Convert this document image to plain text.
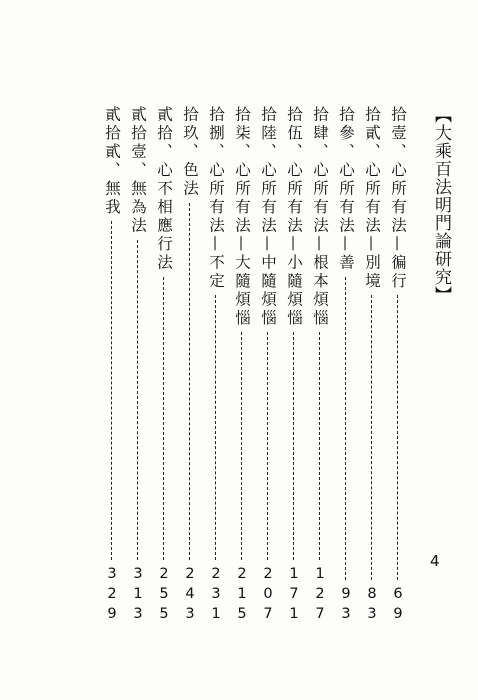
【大乘百法明門論研究】
拾壹、心所有法—徧行
69
拾貳、心所有法—別境
83
拾參、心所有法—善
93
拾肆、心所有法—根本煩惱
127
拾伍、心所有法—小隨煩惱
171
拾陸、心所有法—中隨煩惱
207
拾柒、心所有法—大隨煩惱
215
拾捌、心所有法—不定
231
拾玖、色法
243
貳拾、心不相應行法
255
貳拾壹、無為法
313
貳拾貳、無我
329
4
